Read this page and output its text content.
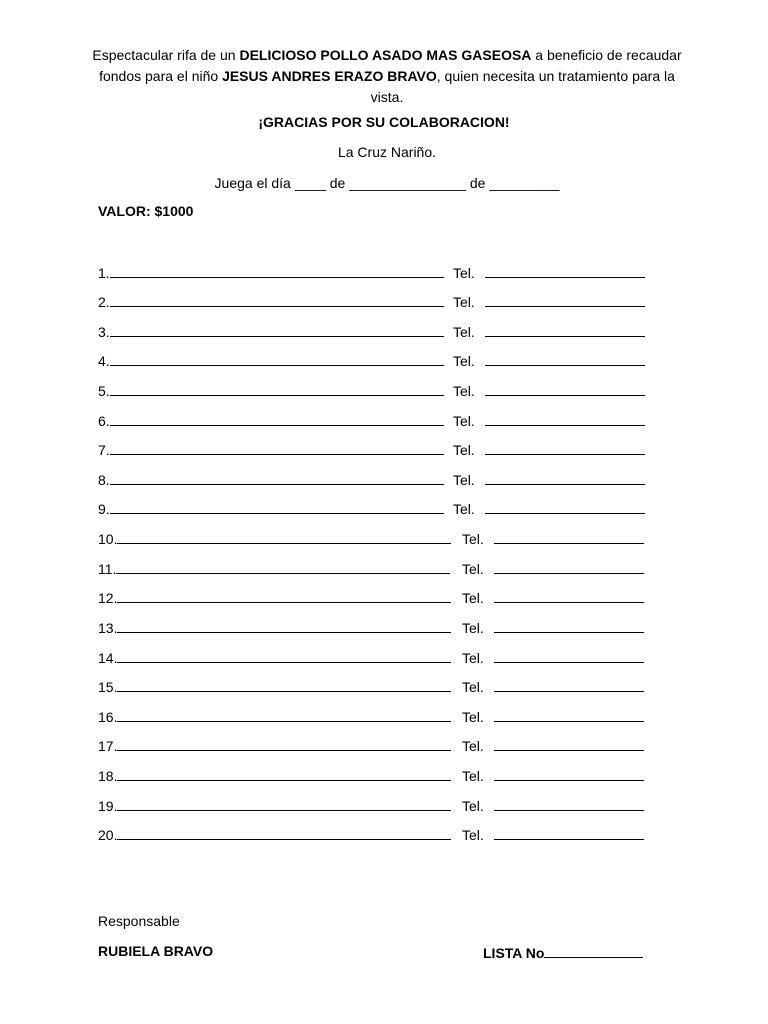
Espectacular rifa de un DELICIOSO POLLO ASADO MAS GASEOSA a beneficio de recaudar fondos para el niño JESUS ANDRES ERAZO BRAVO, quien necesita un tratamiento para la vista.

¡GRACIAS POR SU COLABORACION!
La Cruz Nariño.
Juega el día ____ de _______________ de _________
VALOR: $1000
1.	Tel.
2.	Tel.
3.	Tel.
4.	Tel.
5.	Tel.
6.	Tel.
7.	Tel.
8.	Tel.
9.	Tel.
10.	Tel.
11.	Tel.
12.	Tel.
13.	Tel.
14.	Tel.
15.	Tel.
16.	Tel.
17.	Tel.
18.	Tel.
19.	Tel.
20.	Tel.
Responsable
RUBIELA BRAVO	LISTA No
